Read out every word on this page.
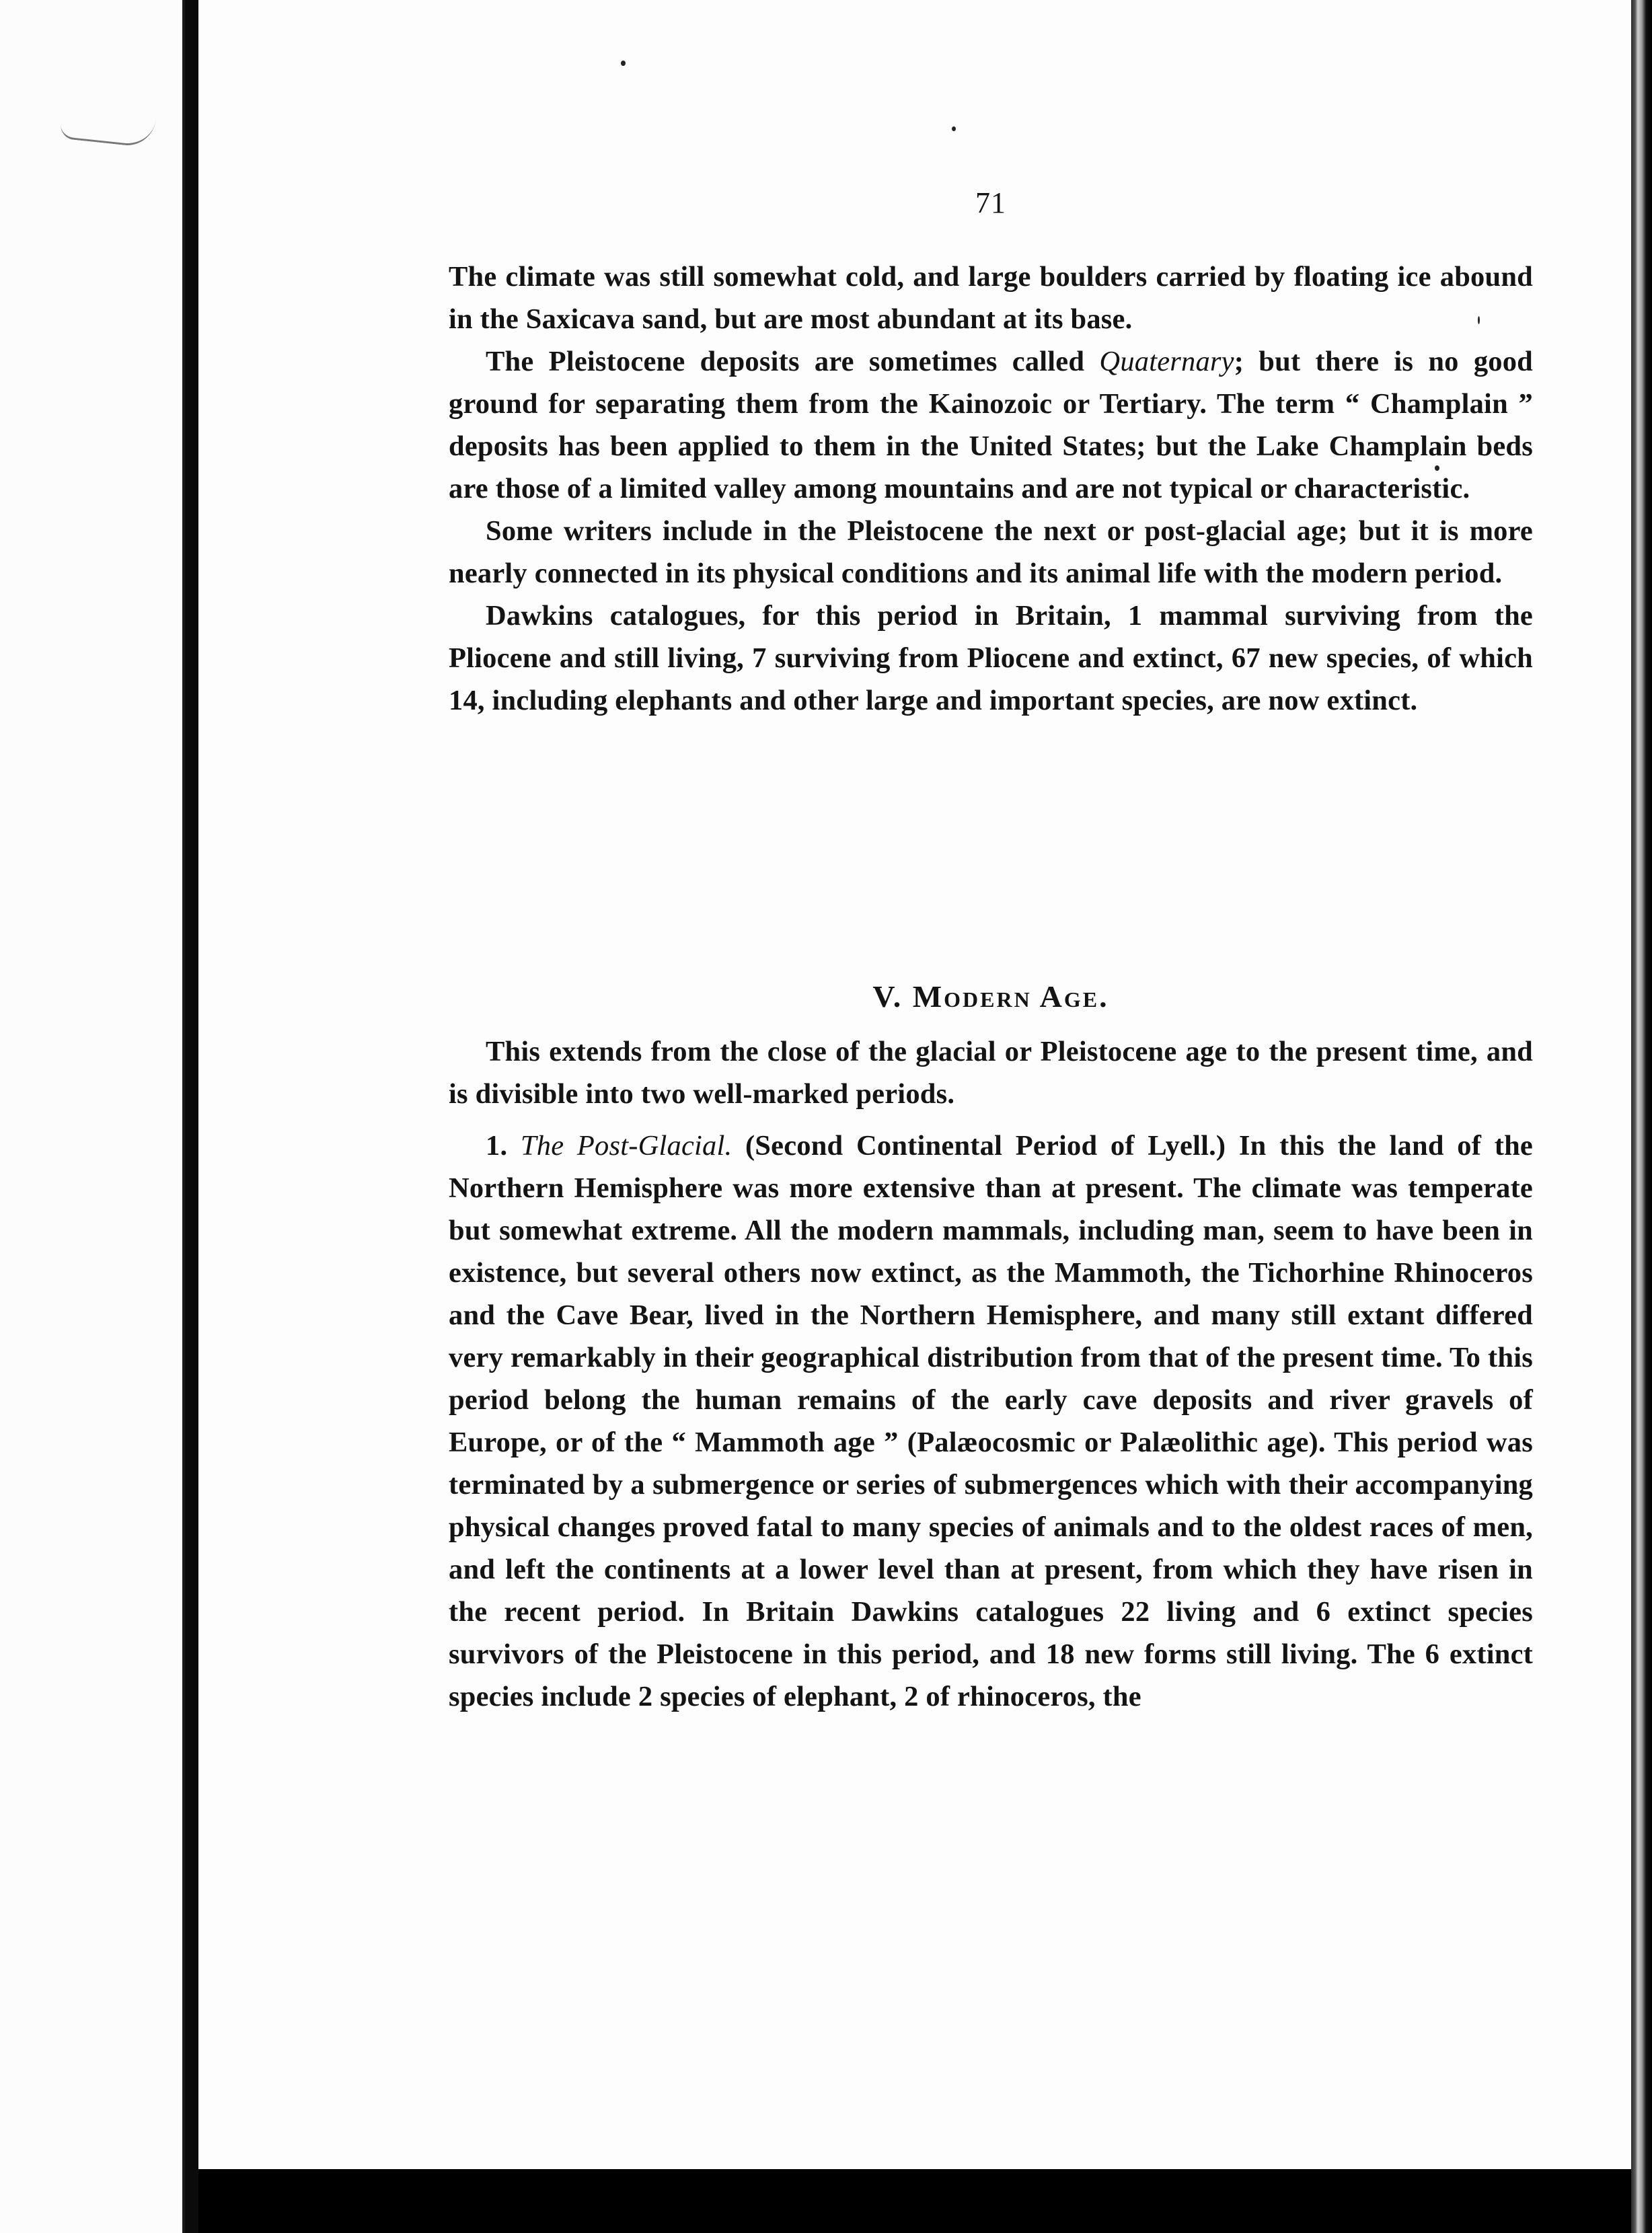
71

The climate was still somewhat cold, and large boulders carried by floating ice abound in the Saxicava sand, but are most abundant at its base.

The Pleistocene deposits are sometimes called Quaternary; but there is no good ground for separating them from the Kainozoic or Tertiary. The term “ Champlain ” deposits has been applied to them in the United States; but the Lake Champlain beds are those of a limited valley among mountains and are not typical or characteristic.

Some writers include in the Pleistocene the next or post-glacial age; but it is more nearly connected in its physical conditions and its animal life with the modern period.

Dawkins catalogues, for this period in Britain, 1 mammal surviving from the Pliocene and still living, 7 surviving from Pliocene and extinct, 67 new species, of which 14, including elephants and other large and important species, are now extinct.

V. Modern Age.

This extends from the close of the glacial or Pleistocene age to the present time, and is divisible into two well-marked periods.

1. The Post-Glacial. (Second Continental Period of Lyell.) In this the land of the Northern Hemisphere was more extensive than at present. The climate was temperate but somewhat extreme. All the modern mammals, including man, seem to have been in existence, but several others now extinct, as the Mammoth, the Tichorhine Rhinoceros and the Cave Bear, lived in the Northern Hemisphere, and many still extant differed very remarkably in their geographical distribution from that of the present time. To this period belong the human remains of the early cave deposits and river gravels of Europe, or of the “ Mammoth age ” (Palæocosmic or Palæolithic age). This period was terminated by a submergence or series of submergences which with their accompanying physical changes proved fatal to many species of animals and to the oldest races of men, and left the continents at a lower level than at present, from which they have risen in the recent period. In Britain Dawkins catalogues 22 living and 6 extinct species survivors of the Pleistocene in this period, and 18 new forms still living. The 6 extinct species include 2 species of elephant, 2 of rhinoceros, the
